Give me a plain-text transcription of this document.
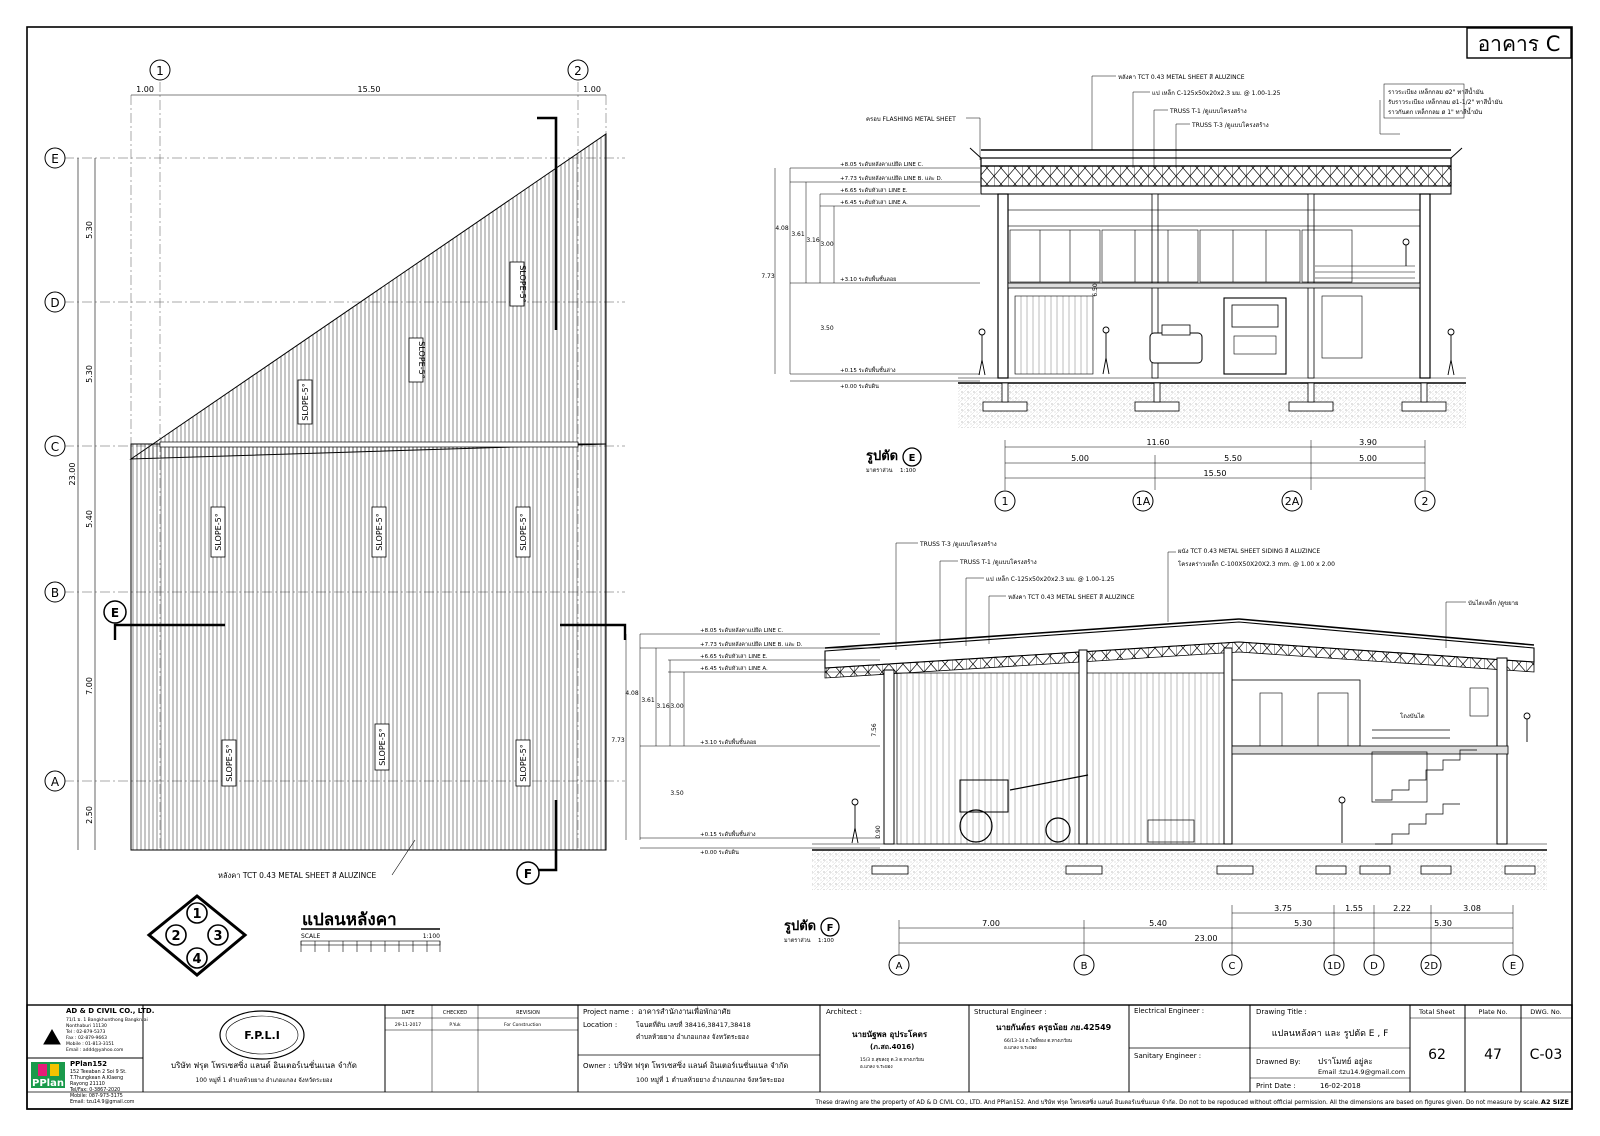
อาคาร C
E
F
1	2
1.00	15.50	1.00
E
D
C
B
A
5.30
5.30
5.40
7.00
2.50
23.00
SLOPE-5°
SLOPE-5°
SLOPE-5°
SLOPE-5°	SLOPE-5°	SLOPE-5°
SLOPE-5°	SLOPE-5°	SLOPE-5°
หลังคา TCT 0.43 METAL SHEET สี ALUZINCE
1
2	3
4
แปลนหลังคา
SCALE	1:100
+8.05 ระดับหลังคาแปยึด LINE C.
+7.73 ระดับหลังคาแปยึด LINE B. และ D.
+6.65 ระดับหัวเสา LINE E.
+6.45 ระดับหัวเสา LINE A.
+3.10 ระดับพื้นชั้นลอย
+0.15 ระดับพื้นชั้นล่าง
+0.00 ระดับดิน
4.08
3.61
3.16
3.00
7.73
3.50
6.50
หลังคา TCT 0.43 METAL SHEET สี ALUZINCE
แป เหล็ก C-125x50x20x2.3 มม. @ 1.00-1.25
TRUSS T-1 /ดูแบบโครงสร้าง
TRUSS T-3 /ดูแบบโครงสร้าง
ครอบ FLASHING METAL SHEET
ราวระเบียง เหล็กกลม ø2" ทาสีน้ำมัน
รับราวระเบียง เหล็กกลม ø1-1/2" ทาสีน้ำมัน
ราวกันตก เหล็กกลม ø 1" ทาสีน้ำมัน
11.60	3.90
5.00	5.50	5.00
15.50
1	1A	2A	2
รูปตัด E
มาตราส่วน 1:100
+8.05 ระดับหลังคาแปยึด LINE C.
+7.73 ระดับหลังคาแปยึด LINE B. และ D.
+6.65 ระดับหัวเสา LINE E.
+6.45 ระดับหัวเสา LINE A.
+3.10 ระดับพื้นชั้นลอย
+0.15 ระดับพื้นชั้นล่าง
+0.00 ระดับดิน
4.08
3.61
3.16 3.00
7.73
3.50
7.56
0.90
TRUSS T-3 /ดูแบบโครงสร้าง
TRUSS T-1 /ดูแบบโครงสร้าง
แป เหล็ก C-125x50x20x2.3 มม. @ 1.00-1.25
หลังคา TCT 0.43 METAL SHEET สี ALUZINCE
ผนัง TCT 0.43 METAL SHEET SIDING สี ALUZINCE
โครงคร่าวเหล็ก C-100X50X20X2.3 mm. @ 1.00 x 2.00
บันไดเหล็ก /ดูขยาย
โถงบันได
3.75	1.55	2.22	3.08
7.00	5.40	5.30	5.30
23.00
A	B	C	1D	D	2D	E
รูปตัด F
มาตราส่วน 1:100
PPlan
AD & D CIVIL CO., LTD.
71/1 ม. 1 Bangkhunthong Bangkruai
Nonthaburi 11130
Tel : 02-879-5373
Fax : 02-879-9663
Mobile : 01-813-3151
Email : addd@yahoo.com
PPlan152
152 Teeaban 2 Soi 9 St.
T.Thungkean A.Klaeng
Rayong 21110
Tel/Fax: 0-3867-2020
Mobile: 087-973-3175
Email: tzu14.9@gmail.com
F.P.L.I
บริษัท ฟรุต โพรเซสซิ่ง แลนด์ อินเตอร์เนชั่นแนล จำกัด
100 หมู่ที่ 1 ตำบลห้วยยาง อำเภอแกลง จังหวัดระยอง
DATE	CHECKED	REVISION
29-11-2017	P.Yuk	For Construction
Project name : อาคารสำนักงานเพื่อพักอาศัย
Location :	โฉนดที่ดิน เลขที่ 38416,38417,38418
ตำบลห้วยยาง อำเภอแกลง จังหวัดระยอง
Owner : บริษัท ฟรุต โพรเซสซิ่ง แลนด์ อินเตอร์เนชั่นแนล จำกัด
100 หมู่ที่ 1 ตำบลห้วยยาง อำเภอแกลง จังหวัดระยอง
Architect :
นายนัฐพล อุประโคตร
(ภ.สถ.4016)
15/3 ถ.สุขสงฤ ต.3 ต.ทางเกวียน
อ.แกลง จ.ระยอง
Structural Engineer :
นายกันต์ธร ครุธน้อย ภย.42549
66/13-14 ถ.โพธิ์ทอง ต.ทางเกวียน
อ.แกลง จ.ระยอง
Electrical Engineer :
Sanitary Engineer :
Drawing Title :
แปลนหลังคา และ รูปตัด E , F
Drawned By: ปราโมทย์ อยู่ละ
Email : tzu14.9@gmail.com
Print Date :	16-02-2018
Total Sheet
62
Plate No.
47
DWG. No.
C-03
These drawing are the property of AD & D CIVIL CO., LTD. And PPlan152. And บริษัท ฟรุต โพรเซสซิ่ง แลนด์ อินเตอร์เนชั่นแนล จำกัด. Do not to be repoduced without official permission. All the dimensions are based on figures given. Do not measure by scale. A2 SIZE
